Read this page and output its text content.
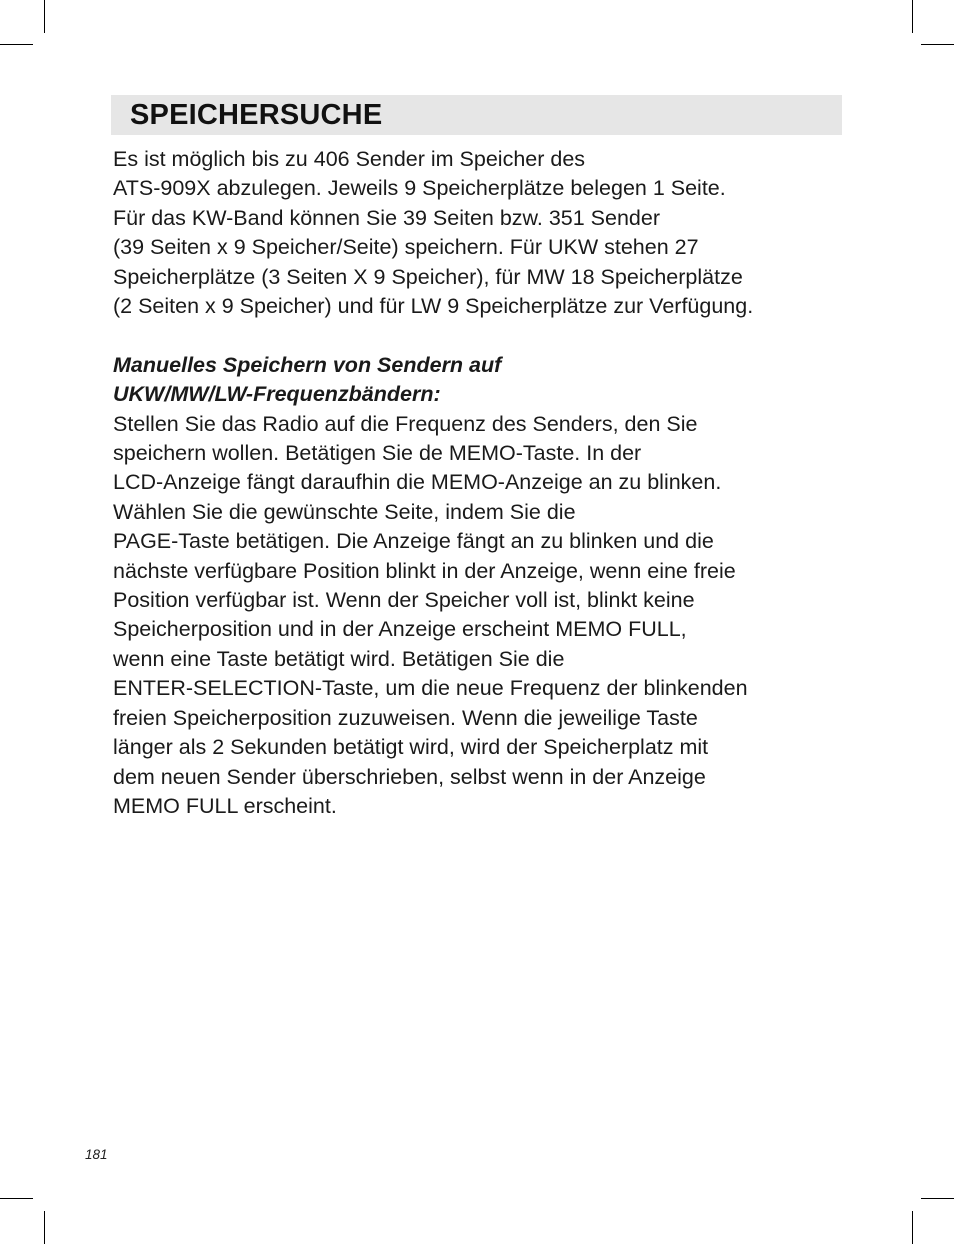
SPEICHERSUCHE
Es ist möglich bis zu 406 Sender im Speicher des
ATS-909X abzulegen. Jeweils 9 Speicherplätze belegen 1 Seite.
Für das KW-Band können Sie 39 Seiten bzw. 351 Sender
(39 Seiten x 9 Speicher/Seite) speichern. Für UKW stehen 27
Speicherplätze (3 Seiten X 9 Speicher), für MW 18 Speicherplätze
(2 Seiten x 9 Speicher) und für LW 9 Speicherplätze zur Verfügung.
Manuelles Speichern von Sendern auf
UKW/MW/LW-Frequenzbändern:
Stellen Sie das Radio auf die Frequenz des Senders, den Sie
speichern wollen. Betätigen Sie de MEMO-Taste. In der
LCD-Anzeige fängt daraufhin die MEMO-Anzeige an zu blinken.
Wählen Sie die gewünschte Seite, indem Sie die
PAGE-Taste betätigen. Die Anzeige fängt an zu blinken und die
nächste verfügbare Position blinkt in der Anzeige, wenn eine freie
Position verfügbar ist. Wenn der Speicher voll ist, blinkt keine
Speicherposition und in der Anzeige erscheint MEMO FULL,
wenn eine Taste betätigt wird. Betätigen Sie die
ENTER-SELECTION-Taste, um die neue Frequenz der blinkenden
freien Speicherposition zuzuweisen. Wenn die jeweilige Taste
länger als 2 Sekunden betätigt wird, wird der Speicherplatz mit
dem neuen Sender überschrieben, selbst wenn in der Anzeige
MEMO FULL erscheint.
181
